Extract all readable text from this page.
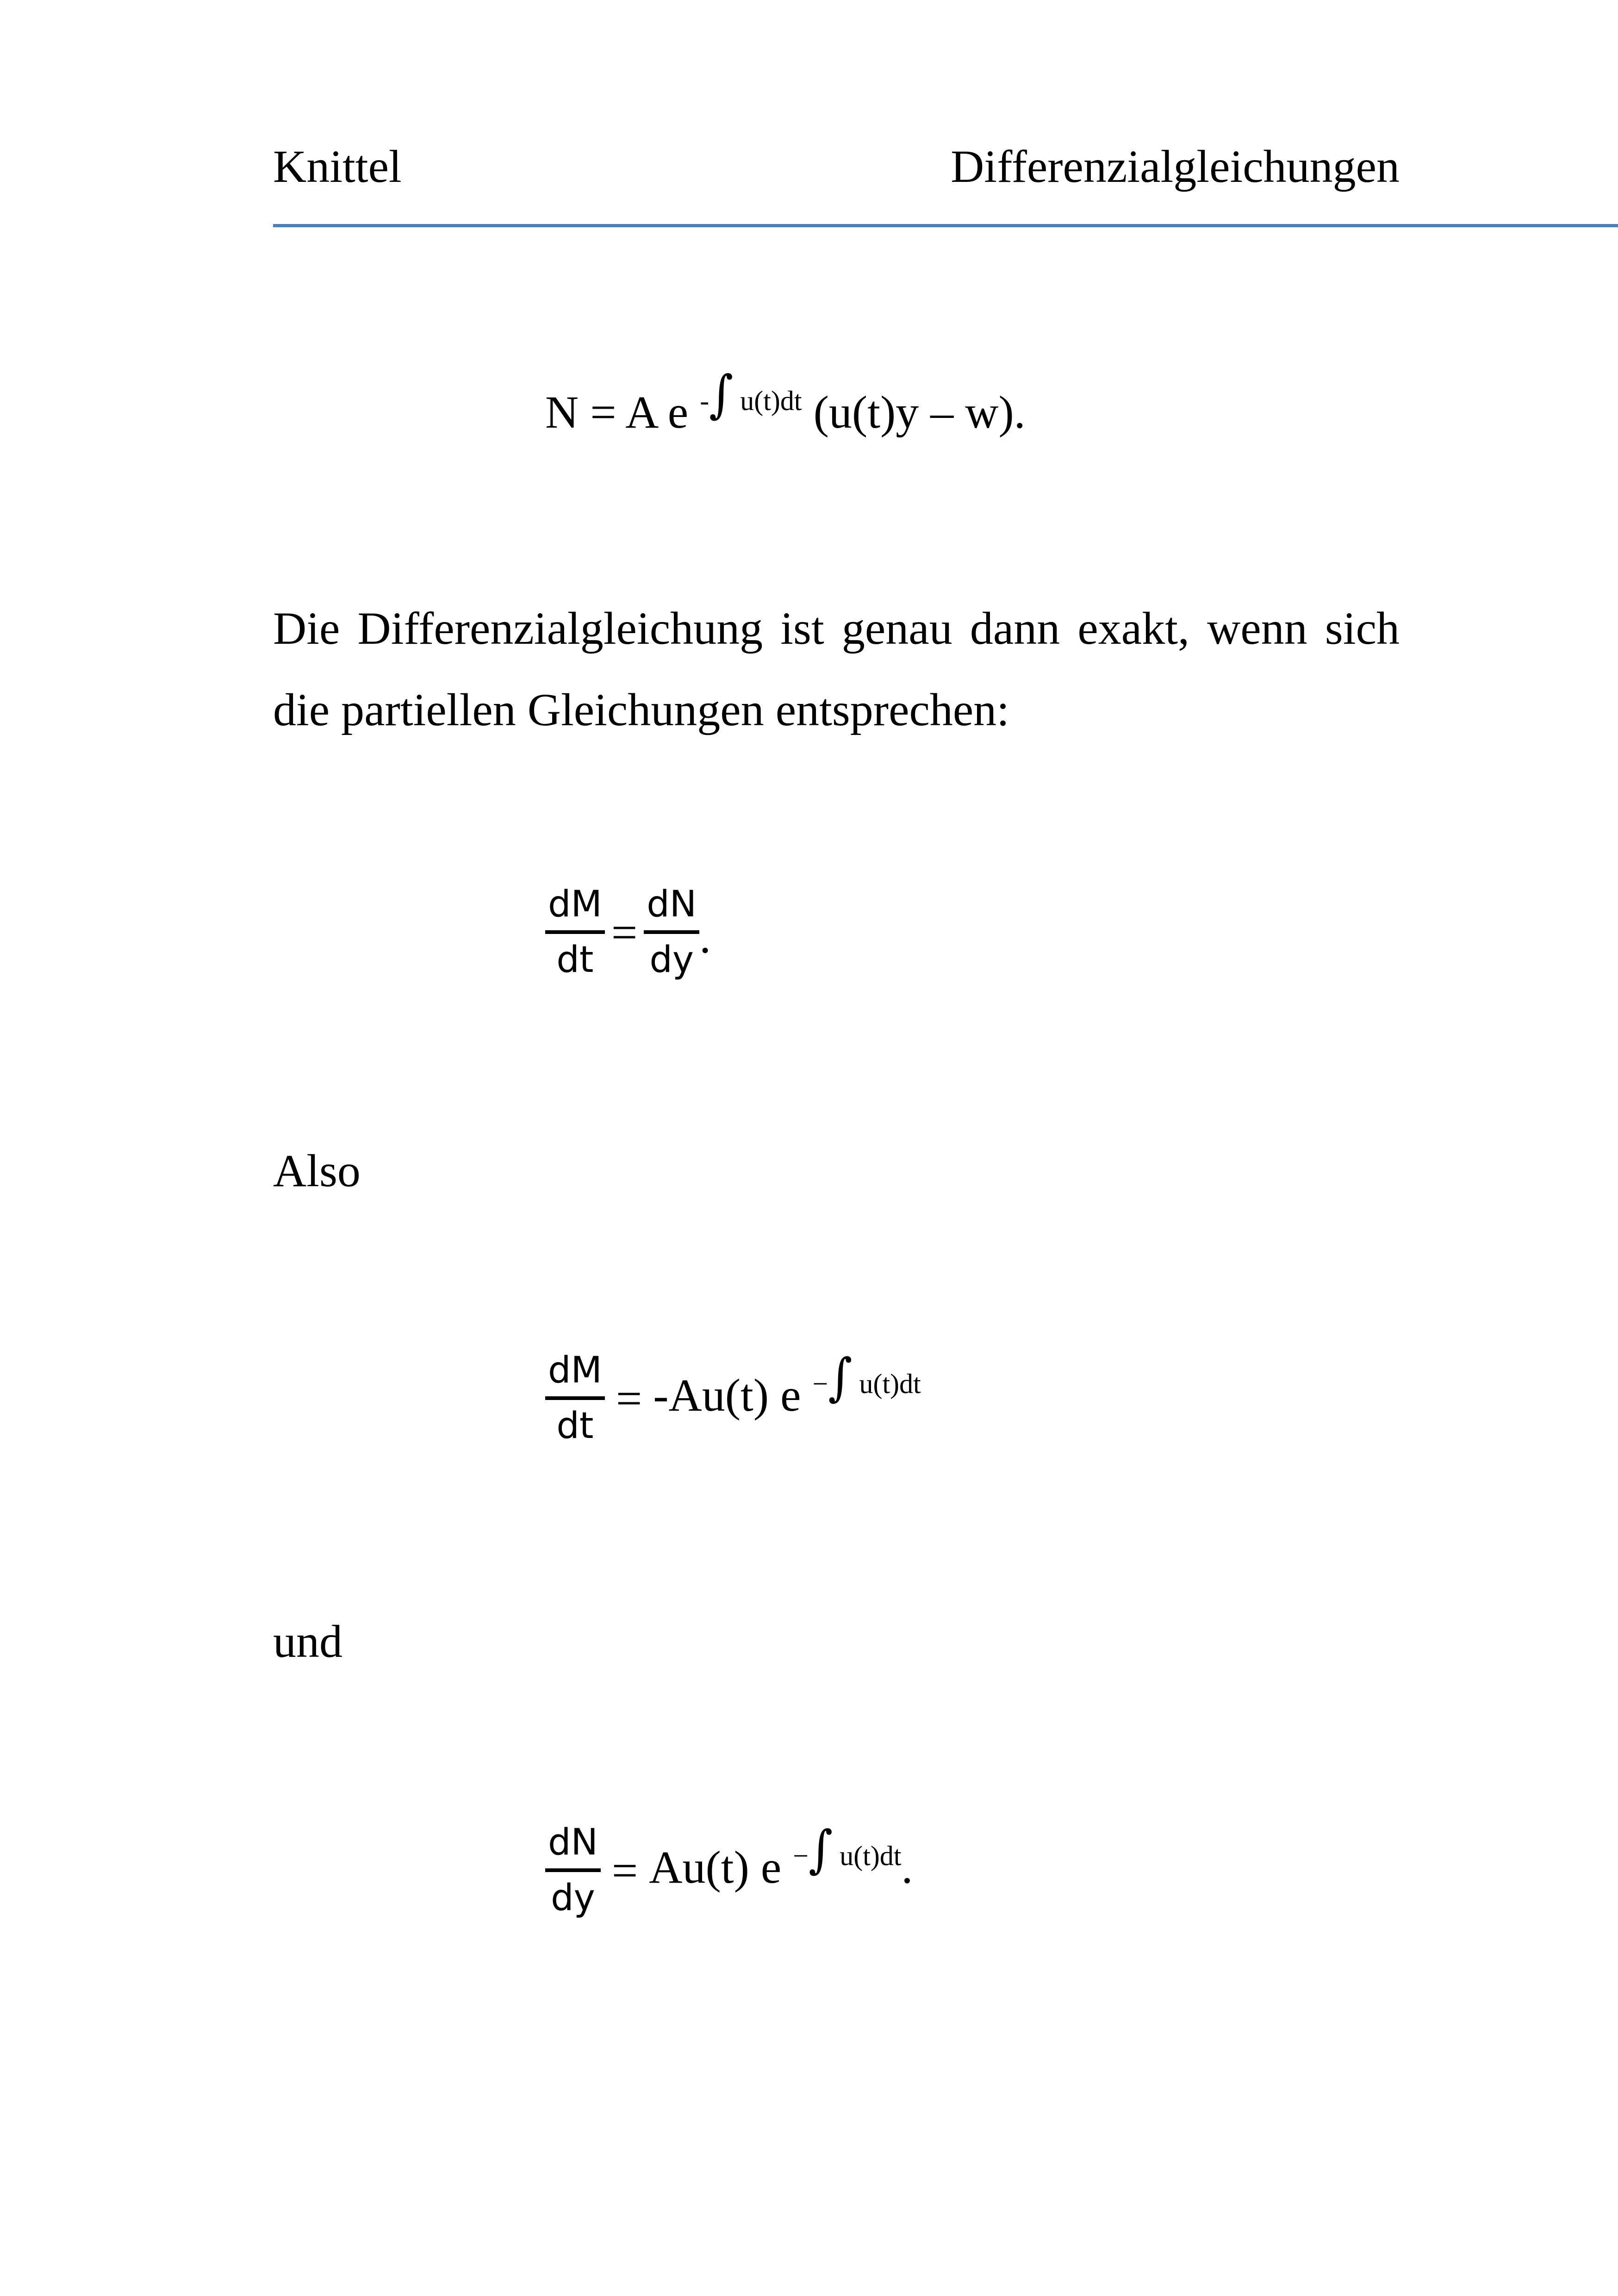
Knittel	Differenzialgleichungen
N = A e $^{-\int u(t)dt}$ (u(t)y – w).
Die Differenzialgleichung ist genau dann exakt, wenn sich die partiellen Gleichungen entsprechen:
dM
dt
=
dN
dy .
Also
dM
dt
= -Au(t) e $^{-\int u(t)dt}$
und
dN
dy
= Au(t) e $^{-\int u(t)dt}$.
